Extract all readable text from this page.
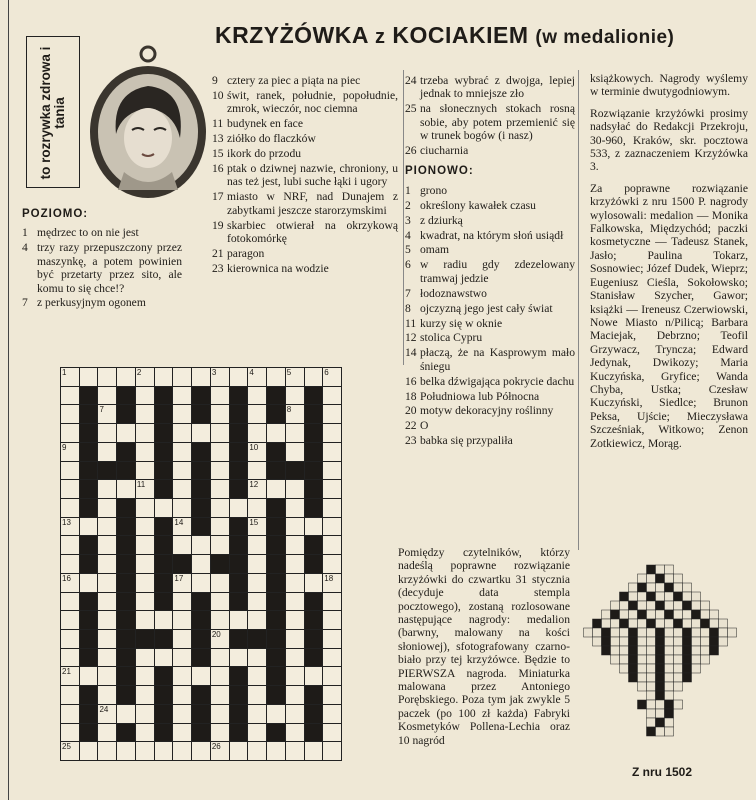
KRZYŻÓWKA z KOCIAKIEM (w medalionie)
to rozrywka zdrowa i tania
POZIOMO:
1 mędrzec to on nie jest
4 trzy razy przepuszczony przez maszynkę, a potem powinien być przetarty przez sito, ale komu to się chce!?
7 z perkusyjnym ogonem
9 cztery za piec a piąta na piec
10 świt, ranek, południe, popołudnie, zmrok, wieczór, noc ciemna
11 budynek en face
13 ziółko do flaczków
15 ikork do przodu
16 ptak o dziwnej nazwie, chroniony, u nas też jest, lubi suche łąki i ugory
17 miasto w NRF, nad Dunajem z zabytkami jeszcze starorzymskimi
19 skarbiec otwierał na okrzykową fotokomórkę
21 paragon
23 kierownica na wodzie
24 trzeba wybrać z dwojga, lepiej jednak to mniejsze zło
25 na słonecznych stokach rosną sobie, aby potem przemienić się w trunek bogów (i nasz)
26 ciucharnia
PIONOWO:
1 grono
2 określony kawałek czasu
3 z dziurką
4 kwadrat, na którym słoń usiądł
5 omam
6 w radiu gdy zdezelowany tramwaj jedzie
7 łodoznawstwo
8 ojczyzną jego jest cały świat
11 kurzy się w oknie
12 stolica Cypru
14 płaczą, że na Kasprowym mało śniegu
16 belka dźwigająca pokrycie dachu
18 Południowa lub Północna
20 motyw dekoracyjny roślinny
22 O
23 babka się przypaliła
Pomiędzy czytelników, którzy nadeślą poprawne rozwiązanie krzyżówki do czwartku 31 stycznia (decyduje data stempla pocztowego), zostaną rozlosowane następujące nagrody: medalion (barwny, malowany na kości słoniowej), sfotografowany czarno-biało przy tej krzyżówce. Będzie to PIERWSZA nagroda. Miniaturka malowana przez Antoniego Porębskiego. Poza tym jak zwykle 5 paczek (po 100 zł każda) Fabryki Kosmetyków Pollena-Lechia oraz 10 nagród
książkowych. Nagrody wyślemy w terminie dwutygodniowym.
Rozwiązanie krzyżówki prosimy nadsyłać do Redakcji Przekroju, 30-960, Kraków, skr. pocztowa 533, z zaznaczeniem Krzyżówka 3.
Za poprawne rozwiązanie krzyżówki z nru 1500 P. nagrody wylosowali: medalion — Monika Falkowska, Międzychód; paczki kosmetyczne — Tadeusz Stanek, Jasło; Paulina Tokarz, Sosnowiec; Józef Dudek, Wieprz; Eugeniusz Cieśla, Sokołowsko; Stanisław Szycher, Gawor; książki — Ireneusz Czerwiowski, Nowe Miasto n/Pilicą; Barbara Maciejak, Debrzno; Teofil Grzywacz, Tryncza; Edward Jedynak, Dwikozy; Maria Kuczyńska, Gryfice; Wanda Chyba, Ustka; Czesław Kuczyński, Siedlce; Brunon Peksa, Ujście; Mieczysława Szcześniak, Witkowo; Zenon Zotkiewicz, Morąg.
1	2	3	4	5	6
7	8
9	10
11	12
13	14	15
16	17	18
20
21
24
25	26
Z nru 1502
